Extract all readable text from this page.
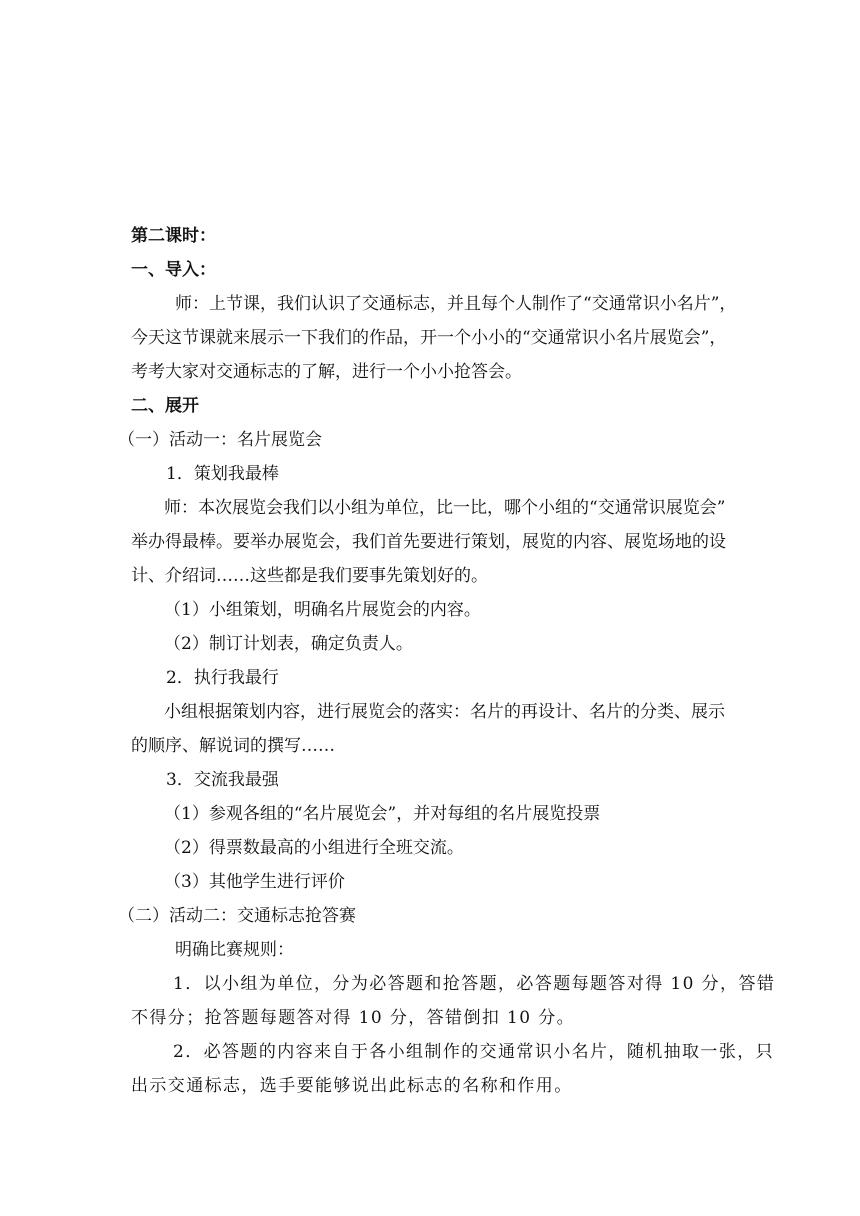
第二课时：
一、导入：
师：上节课，我们认识了交通标志，并且每个人制作了“交通常识小名片”，
今天这节课就来展示一下我们的作品，开一个小小的“交通常识小名片展览会”，
考考大家对交通标志的了解，进行一个小小抢答会。
二、展开
（一）活动一：名片展览会
1．策划我最棒
师：本次展览会我们以小组为单位，比一比，哪个小组的“交通常识展览会”
举办得最棒。要举办展览会，我们首先要进行策划，展览的内容、展览场地的设
计、介绍词……这些都是我们要事先策划好的。
（1）小组策划，明确名片展览会的内容。
（2）制订计划表，确定负责人。
2．执行我最行
小组根据策划内容，进行展览会的落实：名片的再设计、名片的分类、展示
的顺序、解说词的撰写……
3．交流我最强
（1）参观各组的“名片展览会”，并对每组的名片展览投票
（2）得票数最高的小组进行全班交流。
（3）其他学生进行评价
（二）活动二：交通标志抢答赛
明确比赛规则：
1．以小组为单位，分为必答题和抢答题，必答题每题答对得 10 分，答错
不得分；抢答题每题答对得 10 分，答错倒扣 10 分。
2．必答题的内容来自于各小组制作的交通常识小名片，随机抽取一张，只
出示交通标志，选手要能够说出此标志的名称和作用。
